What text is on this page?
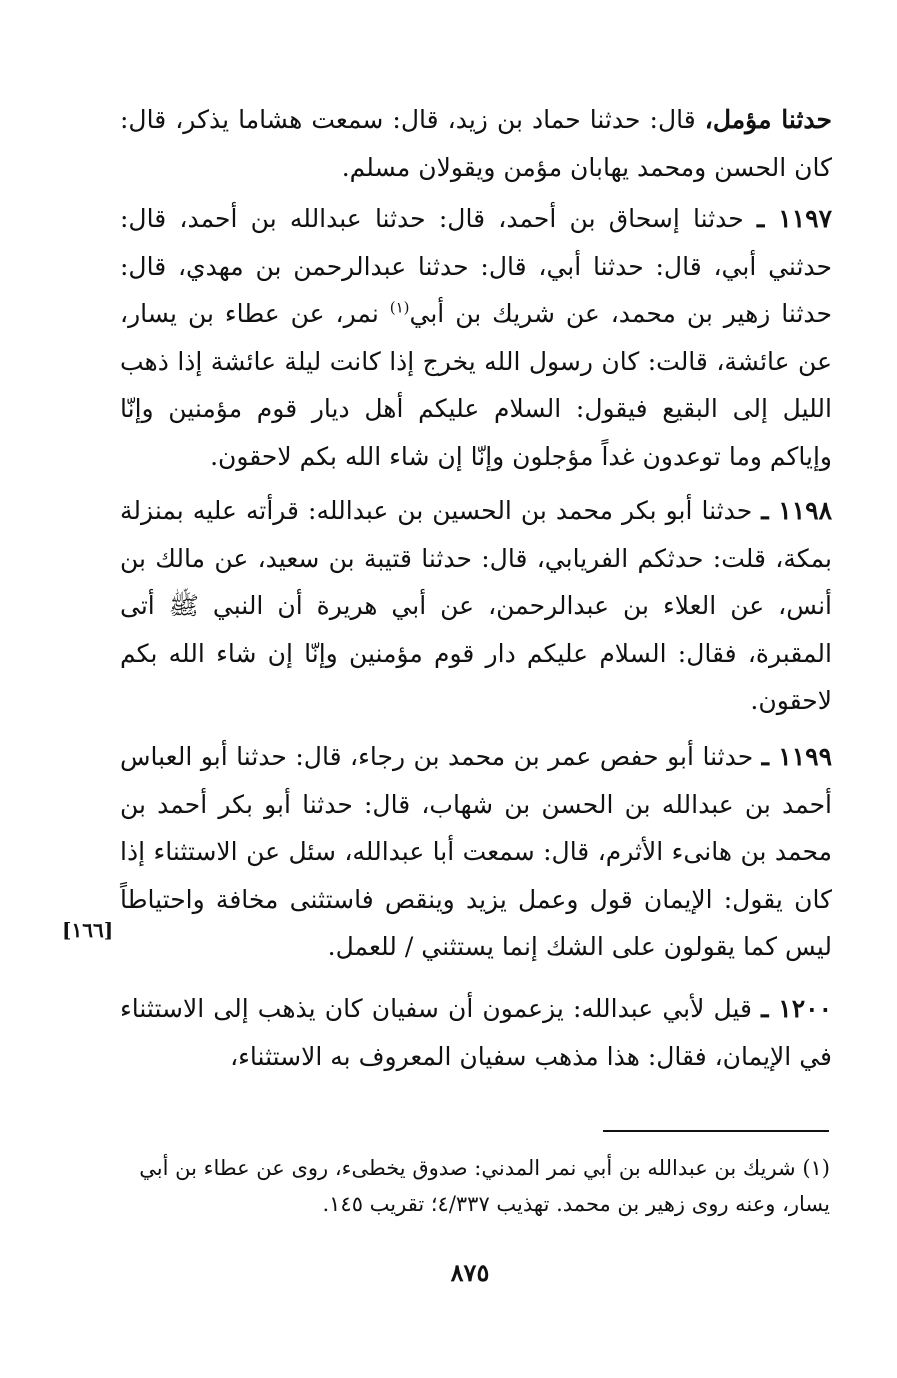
حدثنا مؤمل، قال: حدثنا حماد بن زيد، قال: سمعت هشاما يذكر، قال: كان الحسن ومحمد يهابان مؤمن ويقولان مسلم.

١١٩٧ ـ حدثنا إسحاق بن أحمد، قال: حدثنا عبدالله بن أحمد، قال: حدثني أبي، قال: حدثنا أبي، قال: حدثنا عبدالرحمن بن مهدي، قال: حدثنا زهير بن محمد، عن شريك بن أبي$^{(١)}$ نمر، عن عطاء بن يسار، عن عائشة، قالت: كان رسول الله يخرج إذا كانت ليلة عائشة إذا ذهب الليل إلى البقيع فيقول: السلام عليكم أهل ديار قوم مؤمنين وإنّا وإياكم وما توعدون غداً مؤجلون وإنّا إن شاء الله بكم لاحقون.

١١٩٨ ـ حدثنا أبو بكر محمد بن الحسين بن عبدالله: قرأته عليه بمنزلة بمكة، قلت: حدثكم الفريابي، قال: حدثنا قتيبة بن سعيد، عن مالك بن أنس، عن العلاء بن عبدالرحمن، عن أبي هريرة أن النبي ﷺ أتى المقبرة، فقال: السلام عليكم دار قوم مؤمنين وإنّا إن شاء الله بكم لاحقون.

١١٩٩ ـ حدثنا أبو حفص عمر بن محمد بن رجاء، قال: حدثنا أبو العباس أحمد بن عبدالله بن الحسن بن شهاب، قال: حدثنا أبو بكر أحمد بن محمد بن هانىء الأثرم، قال: سمعت أبا عبدالله، سئل عن الاستثناء إذا كان يقول: الإيمان قول وعمل يزيد وينقص فاستثنى مخافة واحتياطاً ليس كما يقولون على الشك إنما يستثني / للعمل.

[١٦٦]

١٢٠٠ ـ قيل لأبي عبدالله: يزعمون أن سفيان كان يذهب إلى الاستثناء في الإيمان، فقال: هذا مذهب سفيان المعروف به الاستثناء،

(١) شريك بن عبدالله بن أبي نمر المدني: صدوق يخطىء، روى عن عطاء بن أبي يسار، وعنه روى زهير بن محمد. تهذيب ٤/٣٣٧؛ تقريب ١٤٥.

٨٧٥
